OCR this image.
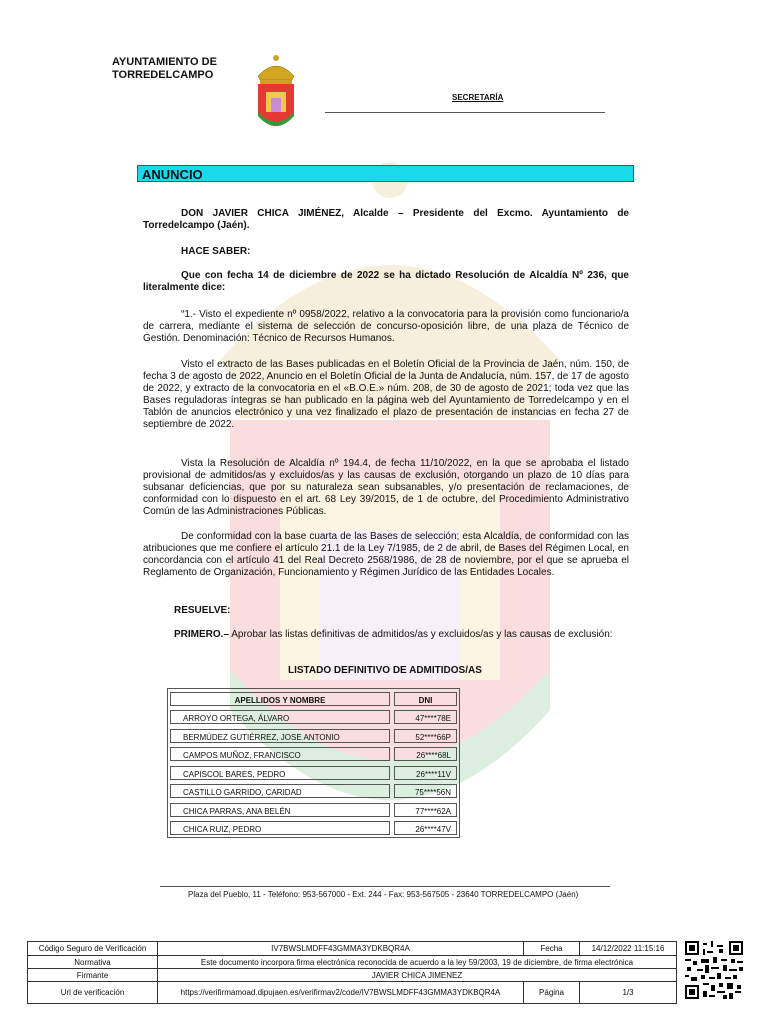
AYUNTAMIENTO DE
TORREDELCAMPO
SECRETARÍA
ANUNCIO
DON JAVIER CHICA JIMÉNEZ, Alcalde – Presidente del Excmo. Ayuntamiento de Torredelcampo (Jaén).
HACE SABER:
Que con fecha 14 de diciembre de 2022 se ha dictado Resolución de Alcaldía Nº 236, que literalmente dice:
“1.- Visto el expediente nº 0958/2022, relativo a la convocatoria para la provisión como funcionario/a de carrera, mediante el sistema de selección de concurso-oposición libre, de una plaza de Técnico de Gestión. Denominación: Técnico de Recursos Humanos.
Visto el extracto de las Bases publicadas en el Boletín Oficial de la Provincia de Jaén, núm. 150, de fecha 3 de agosto de 2022, Anuncio en el Boletín Oficial de la Junta de Andalucía, núm. 157, de 17 de agosto de 2022, y extracto de la convocatoria en el «B.O.E.» núm. 208, de 30 de agosto de 2021; toda vez que las Bases reguladoras íntegras se han publicado en la página web del Ayuntamiento de Torredelcampo y en el Tablón de anuncios electrónico y una vez finalizado el plazo de presentación de instancias en fecha 27 de septiembre de 2022.
Vista la Resolución de Alcaldía nº 194.4, de fecha 11/10/2022, en la que se aprobaba el listado provisional de admitidos/as y excluidos/as y las causas de exclusión, otorgando un plazo de 10 días para subsanar deficiencias, que por su naturaleza sean subsanables, y/o presentación de reclamaciones, de conformidad con lo dispuesto en el art. 68 Ley 39/2015, de 1 de octubre, del Procedimiento Administrativo Común de las Administraciones Públicas.
De conformidad con la base cuarta de las Bases de selección; esta Alcaldía, de conformidad con las atribuciones que me confiere el artículo 21.1 de la Ley 7/1985, de 2 de abril, de Bases del Régimen Local, en concordancia con el artículo 41 del Real Decreto 2568/1986, de 28 de noviembre, por el que se aprueba el Reglamento de Organización, Funcionamiento y Régimen Jurídico de las Entidades Locales.
RESUELVE:
PRIMERO.– Aprobar las listas definitivas de admitidos/as y excluidos/as y las causas de exclusión:
LISTADO DEFINITIVO DE ADMITIDOS/AS
APELLIDOS Y NOMBRE	DNI
ARROYO ORTEGA, ÁLVARO	47****78E
BERMÚDEZ GUTIÉRREZ, JOSE ANTONIO	52****66P
CAMPOS MUÑOZ, FRANCISCO	26****68L
CAPISCOL BARES, PEDRO	26****11V
CASTILLO GARRIDO, CARIDAD	75****56N
CHICA PARRAS, ANA BELÉN	77****62A
CHICA RUIZ, PEDRO	26****47V
Plaza del Pueblo, 11 - Teléfono: 953-567000 - Ext. 244 - Fax: 953-567505 - 23640 TORREDELCAMPO (Jaén)
Código Seguro de Verificación	IV7BWSLMDFF43GMMA3YDKBQR4A	Fecha	14/12/2022 11:15:16
Normativa	Este documento incorpora firma electrónica reconocida de acuerdo a la ley 59/2003, 19 de diciembre, de firma electrónica
Firmante	JAVIER CHICA JIMENEZ
Url de verificación	https://verifirmamoad.dipujaen.es/verifirmav2/code/IV7BWSLMDFF43GMMA3YDKBQR4A	Página	1/3
